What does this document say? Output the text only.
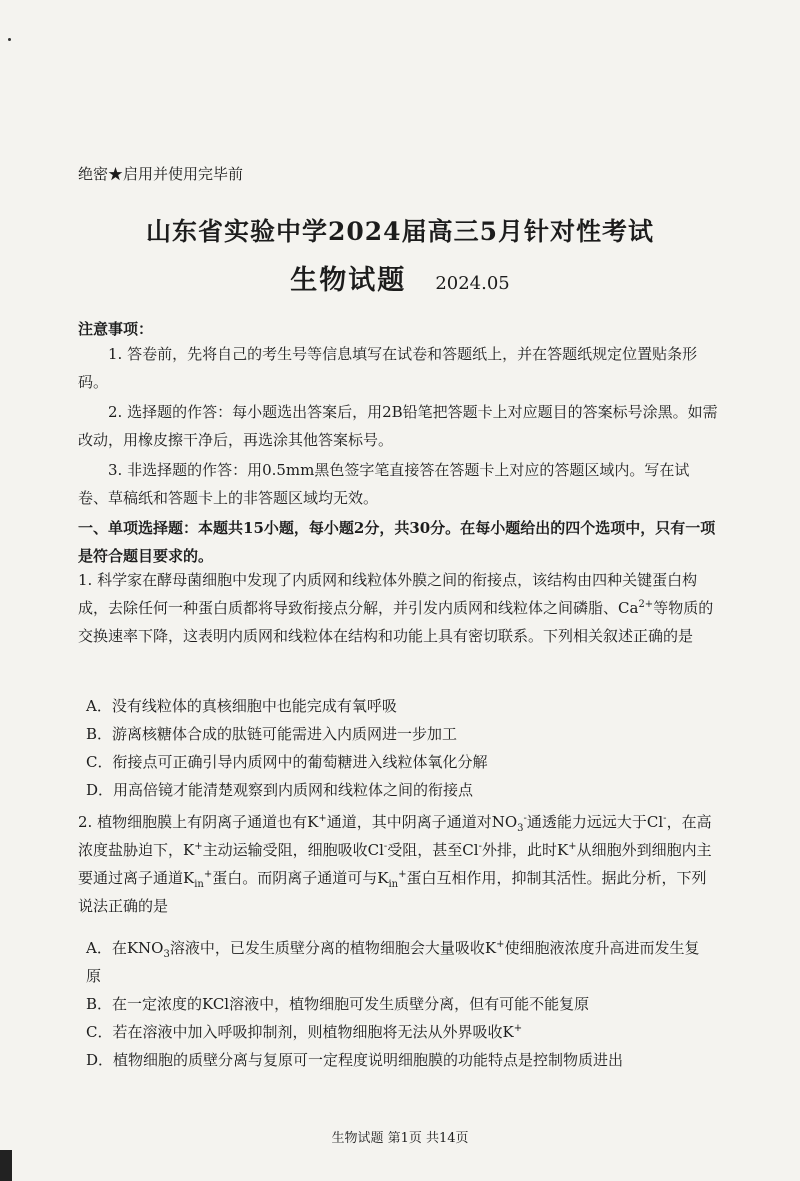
绝密★启用并使用完毕前
山东省实验中学2024届高三5月针对性考试
生物试题 2024.05
注意事项：
1. 答卷前，先将自己的考生号等信息填写在试卷和答题纸上，并在答题纸规定位置贴条形码。
2. 选择题的作答：每小题选出答案后，用2B铅笔把答题卡上对应题目的答案标号涂黑。如需改动，用橡皮擦干净后，再选涂其他答案标号。
3. 非选择题的作答：用0.5mm黑色签字笔直接答在答题卡上对应的答题区域内。写在试卷、草稿纸和答题卡上的非答题区域均无效。
一、单项选择题：本题共15小题，每小题2分，共30分。在每小题给出的四个选项中，只有一项是符合题目要求的。
1. 科学家在酵母菌细胞中发现了内质网和线粒体外膜之间的衔接点，该结构由四种关键蛋白构成，去除任何一种蛋白质都将导致衔接点分解，并引发内质网和线粒体之间磷脂、$Ca^{2+}$等物质的交换速率下降，这表明内质网和线粒体在结构和功能上具有密切联系。下列相关叙述正确的是
A．没有线粒体的真核细胞中也能完成有氧呼吸
B．游离核糖体合成的肽链可能需进入内质网进一步加工
C．衔接点可正确引导内质网中的葡萄糖进入线粒体氧化分解
D．用高倍镜才能清楚观察到内质网和线粒体之间的衔接点
2. 植物细胞膜上有阴离子通道也有K+通道，其中阴离子通道对$NO_3^-$通透能力远远大于Cl-，在高浓度盐胁迫下，K+主动运输受阻，细胞吸收Cl-受阻，甚至Cl-外排，此时K+从细胞外到细胞内主要通过离子通道$K_{in}^+$蛋白。而阴离子通道可与$K_{in}^+$蛋白互相作用，抑制其活性。据此分析，下列说法正确的是
A．在$KNO_3$溶液中，已发生质壁分离的植物细胞会大量吸收K+使细胞液浓度升高进而发生复原
B．在一定浓度的KCl溶液中，植物细胞可发生质壁分离，但有可能不能复原
C．若在溶液中加入呼吸抑制剂，则植物细胞将无法从外界吸收K+
D．植物细胞的质壁分离与复原可一定程度说明细胞膜的功能特点是控制物质进出
生物试题 第1页 共14页
